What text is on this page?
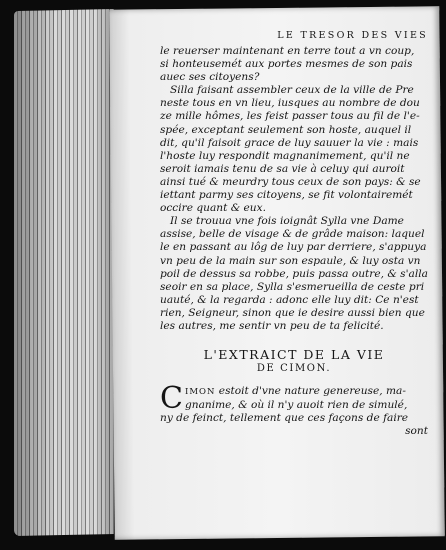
LE TRESOR DES VIES
le reuerser maintenant en terre tout a vn coup,
si honteusemét aux portes mesmes de son pais
auec ses citoyens?
Silla faisant assembler ceux de la ville de Pre
neste tous en vn lieu, iusques au nombre de dou
ze mille hômes, les feist passer tous au fil de l'e-
spée, exceptant seulement son hoste, auquel il
dit, qu'il faisoit grace de luy sauuer la vie : mais
l'hoste luy respondit magnanimement, qu'il ne
seroit iamais tenu de sa vie à celuy qui auroit
ainsi tué & meurdry tous ceux de son pays: & se
iettant parmy ses citoyens, se fit volontairemét
occire quant & eux.
Il se trouua vne fois ioignât Sylla vne Dame
assise, belle de visage & de grâde maison: laquel
le en passant au lôg de luy par derriere, s'appuya
vn peu de la main sur son espaule, & luy osta vn
poil de dessus sa robbe, puis passa outre, & s'alla
seoir en sa place, Sylla s'esmerueilla de ceste pri
uauté, & la regarda : adonc elle luy dit: Ce n'est
rien, Seigneur, sinon que ie desire aussi bien que
les autres, me sentir vn peu de ta felicité.
L'EXTRAICT DE LA VIE
DE CIMON.
C IMON estoit d'vne nature genereuse, ma-
gnanime, & où il n'y auoit rien de simulé,
ny de feinct, tellement que ces façons de faire
sont
